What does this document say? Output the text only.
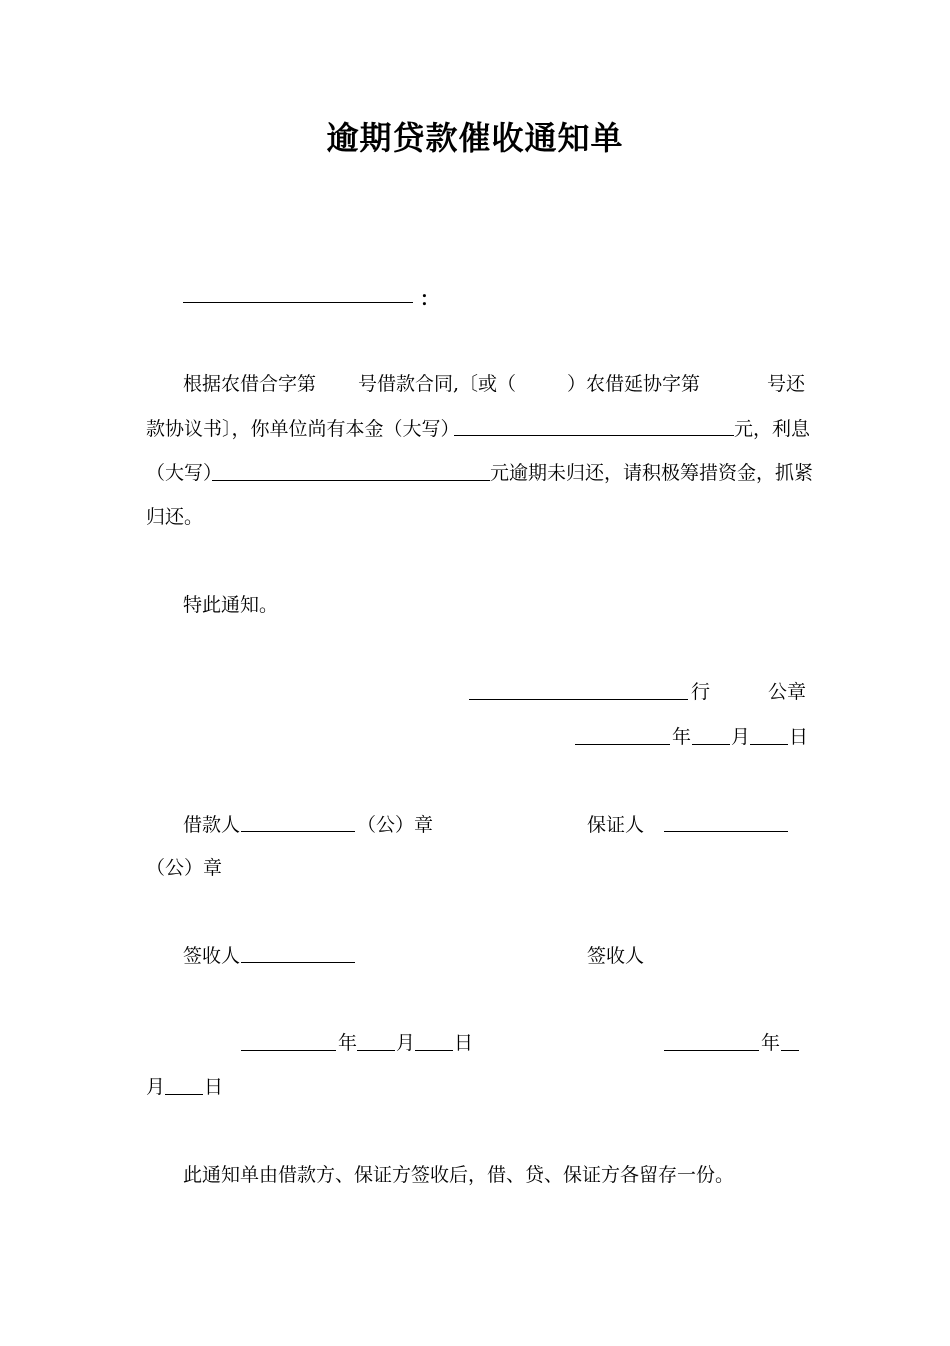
逾期贷款催收通知单
：
根据农借合字第 号借款合同,〔或（	）农借延协字第	号还
款协议书〕，你单位尚有本金（大写）	元，利息
（大写）	元逾期未归还，请积极筹措资金，抓紧
归还。
特此通知。
行	公章
年 月 日
借款人	（公）章	保证人
（公）章
签收人	签收人
年 月 日	年
月 日
此通知单由借款方、保证方签收后，借、贷、保证方各留存一份。
